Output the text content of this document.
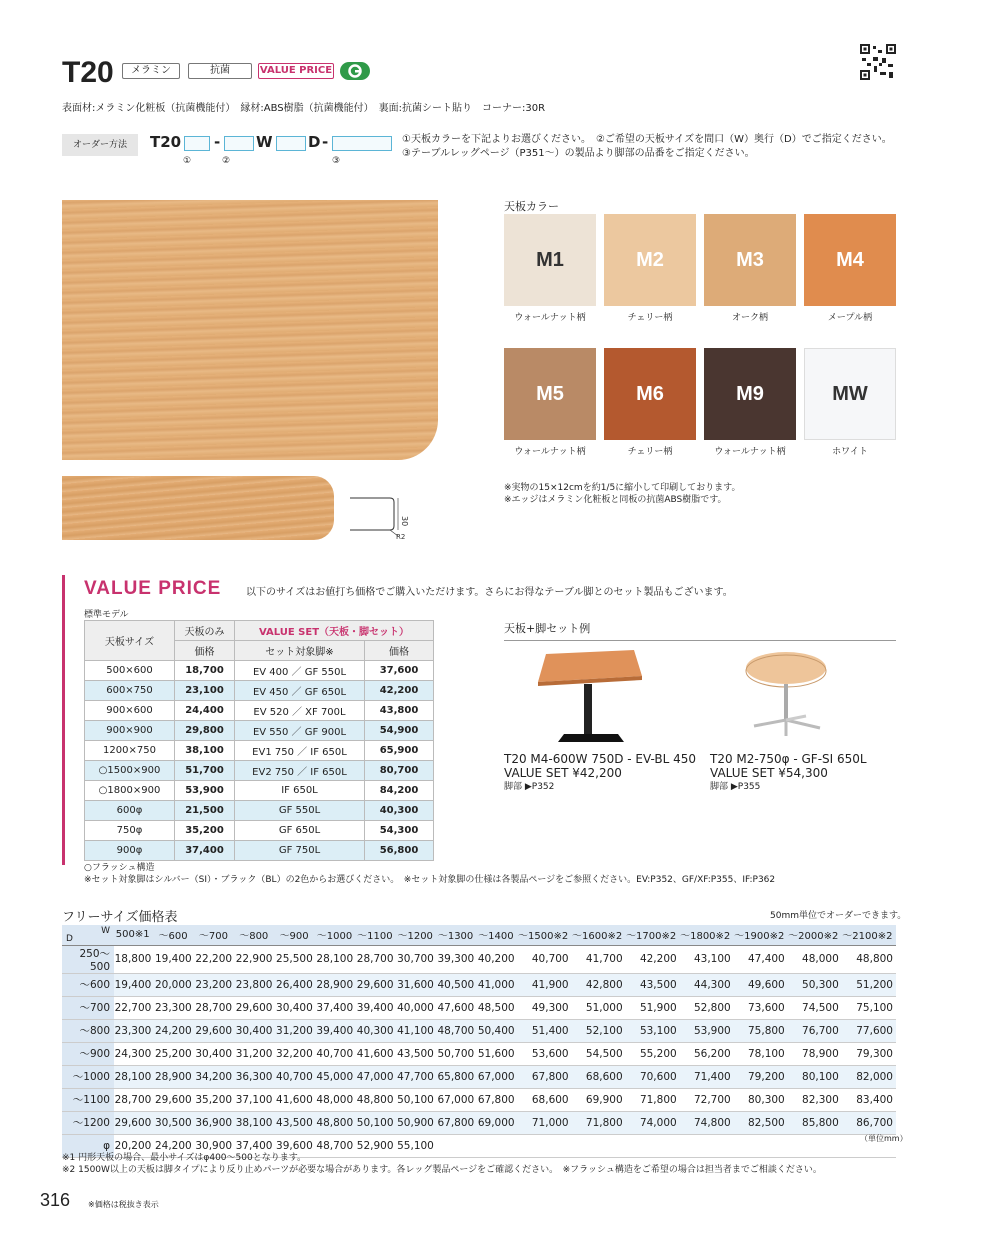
T20	メラミン	抗菌	VALUE PRICE
表面材:メラミン化粧板（抗菌機能付）　縁材:ABS樹脂（抗菌機能付）　裏面:抗菌シート貼り　コーナー:30R
オーダー方法	T20 - W D -
①	②	③
①天板カラーを下記よりお選びください。　②ご希望の天板サイズを間口（W）奥行（D）でご指定ください。
③テーブルレッグページ（P351〜）の製品より脚部の品番をご指定ください。
30
R2
天板カラー
M1
ウォールナット柄
M2
チェリー柄
M3
オーク柄
M4
メープル柄
M5
ウォールナット柄
M6
チェリー柄
M9
ウォールナット柄
MW
ホワイト
※実物の15×12cmを約1/5に縮小して印刷しております。
※エッジはメラミン化粧板と同板の抗菌ABS樹脂です。
VALUE PRICE 以下のサイズはお値打ち価格でご購入いただけます。さらにお得なテーブル脚とのセット製品もございます。
標準モデル
天板サイズ	天板のみ	VALUE SET（天板・脚セット）	
	価格	セット対象脚※	価格
500×600	18,700	EV 400 ／ GF 550L	37,600
600×750	23,100	EV 450 ／ GF 650L	42,200
900×600	24,400	EV 520 ／ XF 700L	43,800
900×900	29,800	EV 550 ／ GF 900L	54,900
1200×750	38,100	EV1 750 ／ IF 650L	65,900
○1500×900	51,700	EV2 750 ／ IF 650L	80,700
○1800×900	53,900	IF 650L	84,200
600φ	21,500	GF 550L	40,300
750φ	35,200	GF 650L	54,300
900φ	37,400	GF 750L	56,800
○フラッシュ構造
※セット対象脚はシルバー（SI）・ブラック（BL）の2色からお選びください。　※セット対象脚の仕様は各製品ページをご参照ください。EV:P352、GF/XF:P355、IF:P362
天板+脚セット例
T20 M4-600W 750D - EV-BL 450
VALUE SET ¥42,200
脚部 ▶P352
T20 M2-750φ - GF-SI 650L
VALUE SET ¥54,300
脚部 ▶P355
フリーサイズ価格表	50mm単位でオーダーできます。
W
D	500※1	〜600	〜700	〜800	〜900	〜1000	〜1100	〜1200	〜1300	〜1400	〜1500※2	〜1600※2	〜1700※2	〜1800※2	〜1900※2	〜2000※2	〜2100※2
250〜500	18,800	19,400	22,200	22,900	25,500	28,100	28,700	30,700	39,300	40,200	40,700	41,700	42,200	43,100	47,400	48,000	48,800
〜600	19,400	20,000	23,200	23,800	26,400	28,900	29,600	31,600	40,500	41,000	41,900	42,800	43,500	44,300	49,600	50,300	51,200
〜700	22,700	23,300	28,700	29,600	30,400	37,400	39,400	40,000	47,600	48,500	49,300	51,000	51,900	52,800	73,600	74,500	75,100
〜800	23,300	24,200	29,600	30,400	31,200	39,400	40,300	41,100	48,700	50,400	51,400	52,100	53,100	53,900	75,800	76,700	77,600
〜900	24,300	25,200	30,400	31,200	32,200	40,700	41,600	43,500	50,700	51,600	53,600	54,500	55,200	56,200	78,100	78,900	79,300
〜1000	28,100	28,900	34,200	36,300	40,700	45,000	47,000	47,700	65,800	67,000	67,800	68,600	70,600	71,400	79,200	80,100	82,000
〜1100	28,700	29,600	35,200	37,100	41,600	48,000	48,800	50,100	67,000	67,800	68,600	69,900	71,800	72,700	80,300	82,300	83,400
〜1200	29,600	30,500	36,900	38,100	43,500	48,800	50,100	50,900	67,800	69,000	71,000	71,800	74,000	74,800	82,500	85,800	86,700
φ	20,200	24,200	30,900	37,400	39,600	48,700	52,900	55,100									
（単位mm）
※1 円形天板の場合、最小サイズはφ400〜500となります。
※2 1500W以上の天板は脚タイプにより反り止めパーツが必要な場合があります。各レッグ製品ページをご確認ください。　※フラッシュ構造をご希望の場合は担当者までご相談ください。
316 ※価格は税抜き表示
